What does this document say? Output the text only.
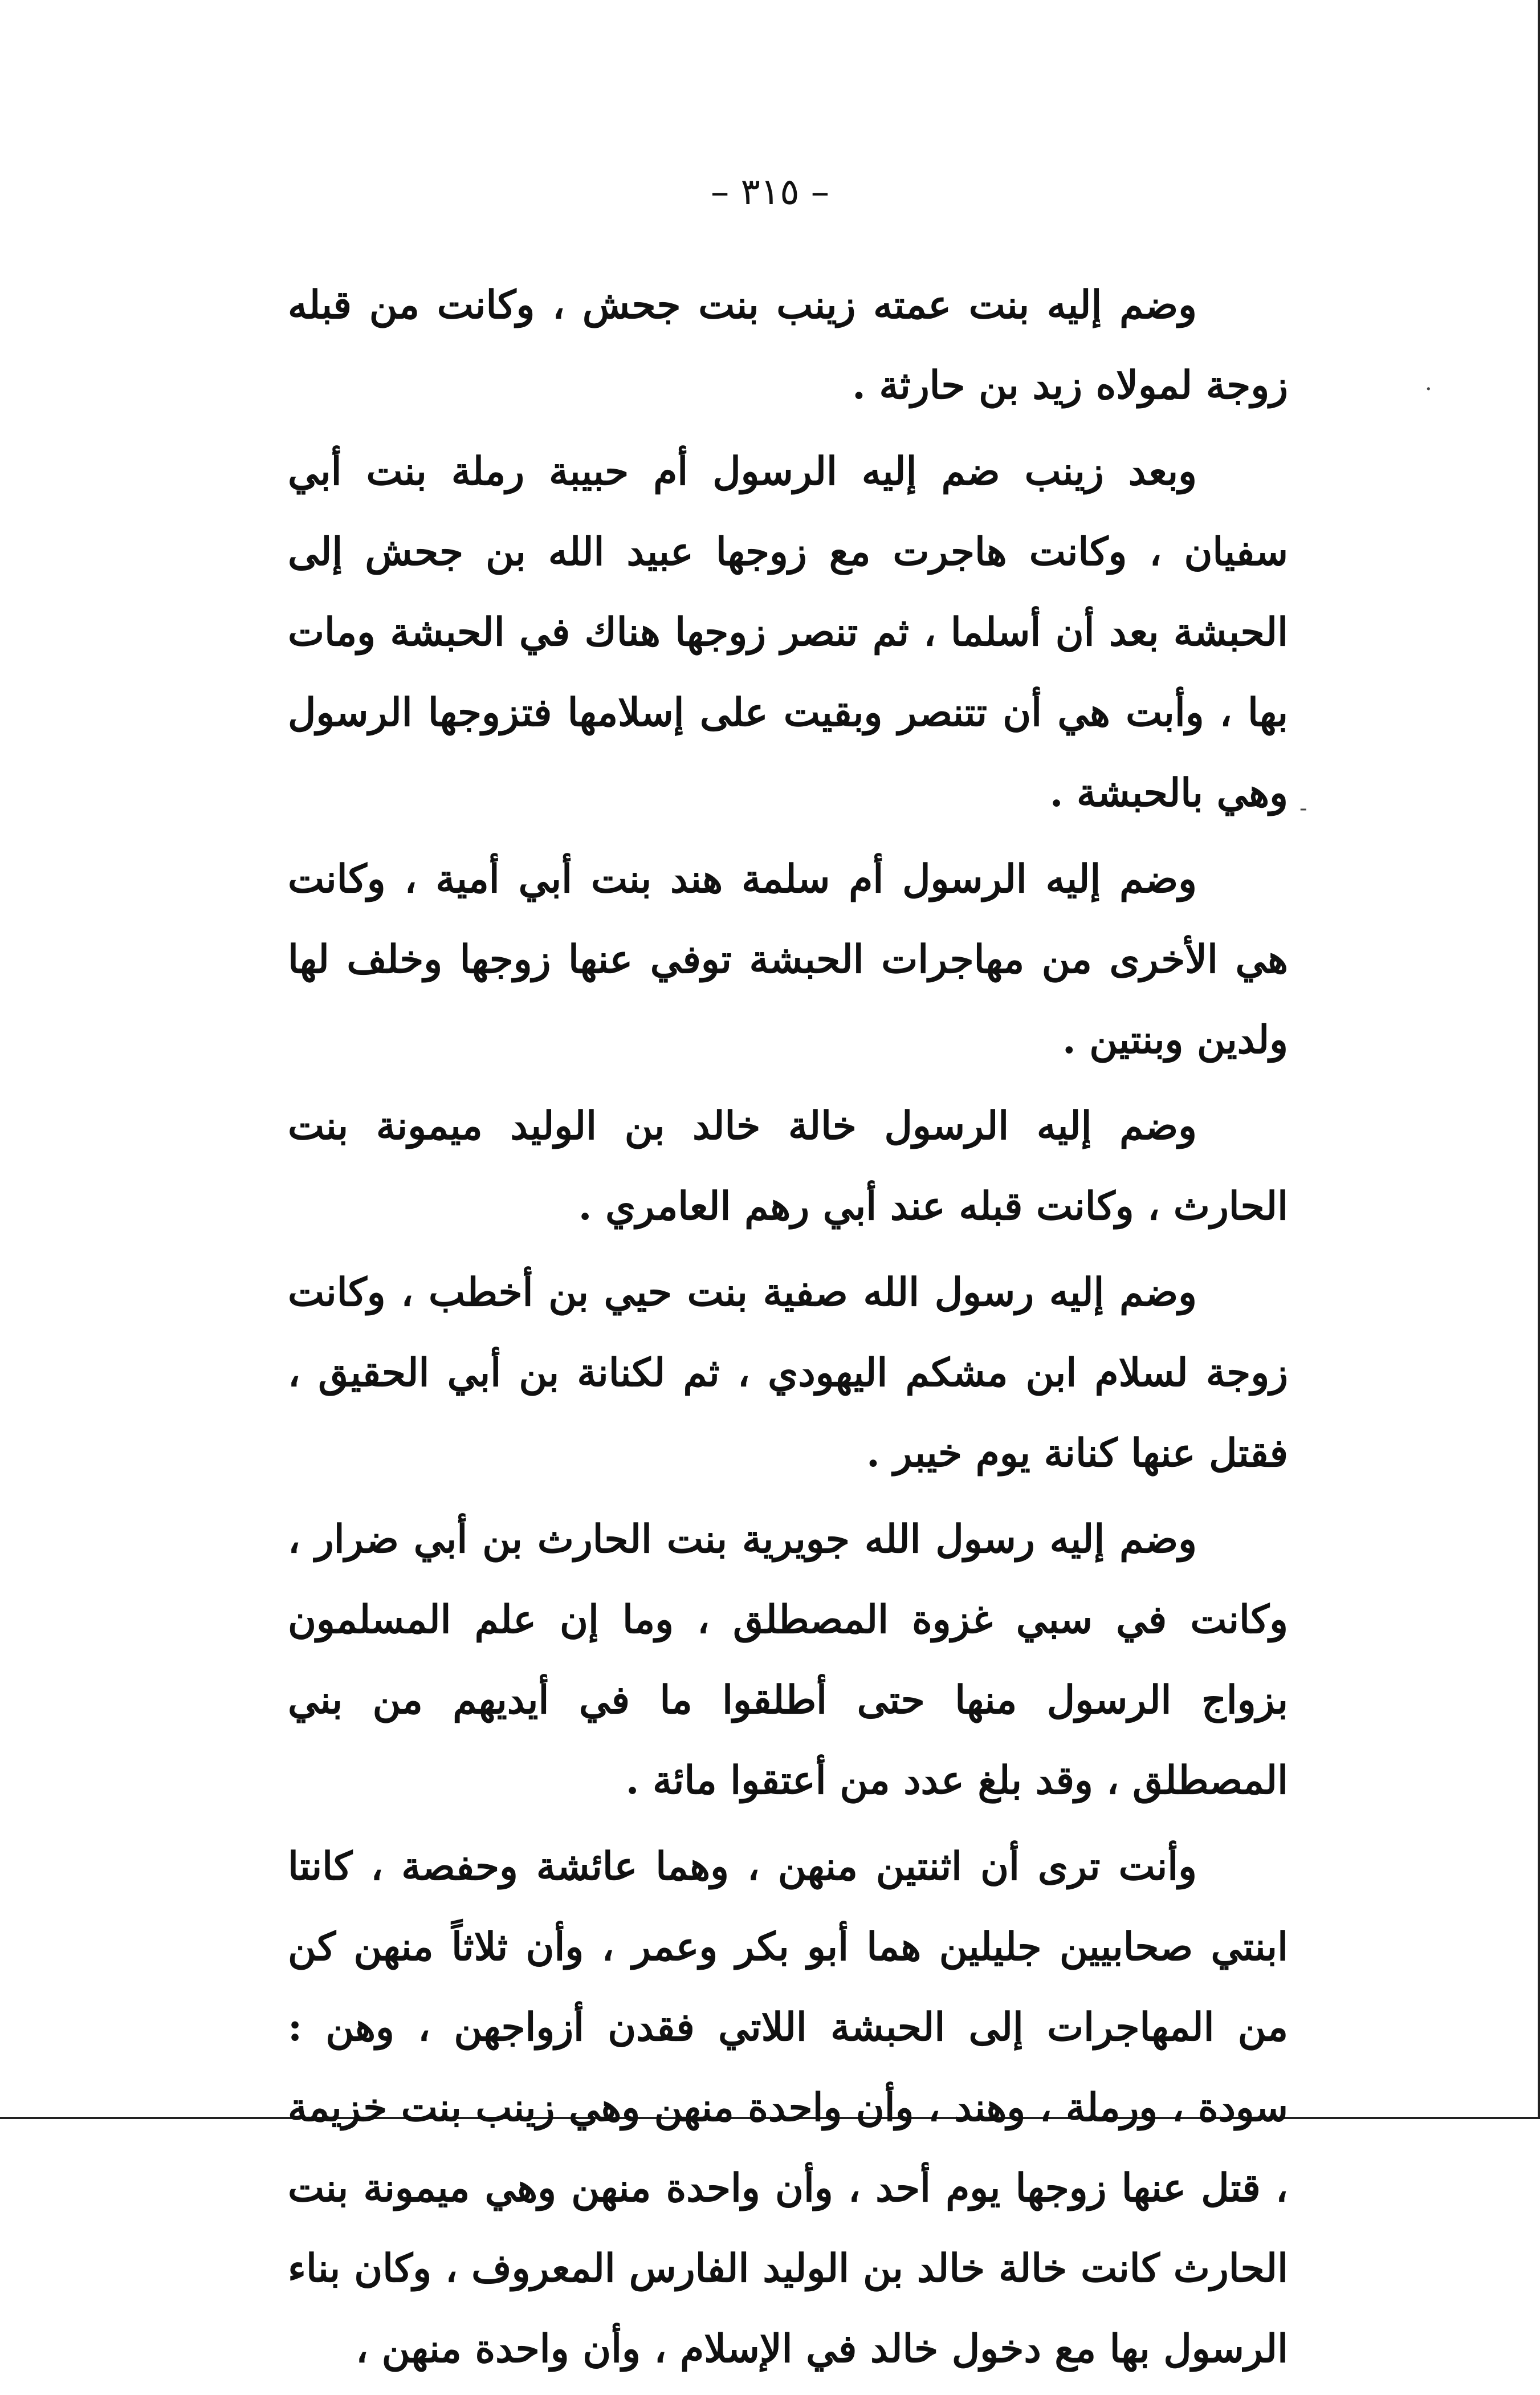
– ٣١٥ –
·
-

وضم إليه بنت عمته زينب بنت جحش ، وكانت من قبله زوجة لمولاه زيد بن حارثة .

وبعد زينب ضم إليه الرسول أم حبيبة رملة بنت أبي سفيان ، وكانت هاجرت مع زوجها عبيد الله بن جحش إلى الحبشة بعد أن أسلما ، ثم تنصر زوجها هناك في الحبشة ومات بها ، وأبت هي أن تتنصر وبقيت على إسلامها فتزوجها الرسول وهي بالحبشة .

وضم إليه الرسول أم سلمة هند بنت أبي أمية ، وكانت هي الأخرى من مهاجرات الحبشة توفي عنها زوجها وخلف لها ولدين وبنتين .

وضم إليه الرسول خالة خالد بن الوليد ميمونة بنت الحارث ، وكانت قبله عند أبي رهم العامري .

وضم إليه رسول الله صفية بنت حيي بن أخطب ، وكانت زوجة لسلام ابن مشكم اليهودي ، ثم لكنانة بن أبي الحقيق ، فقتل عنها كنانة يوم خيبر .

وضم إليه رسول الله جويرية بنت الحارث بن أبي ضرار ، وكانت في سبي غزوة المصطلق ، وما إن علم المسلمون بزواج الرسول منها حتى أطلقوا ما في أيديهم من بني المصطلق ، وقد بلغ عدد من أعتقوا مائة .

وأنت ترى أن اثنتين منهن ، وهما عائشة وحفصة ، كانتا ابنتي صحابيين جليلين هما أبو بكر وعمر ، وأن ثلاثاً منهن كن من المهاجرات إلى الحبشة اللاتي فقدن أزواجهن ، وهن : سودة ، ورملة ، وهند ، وأن واحدة منهن وهي زينب بنت خزيمة ، قتل عنها زوجها يوم أحد ، وأن واحدة منهن وهي ميمونة بنت الحارث كانت خالة خالد بن الوليد الفارس المعروف ، وكان بناء الرسول بها مع دخول خالد في الإسلام ، وأن واحدة منهن ،
